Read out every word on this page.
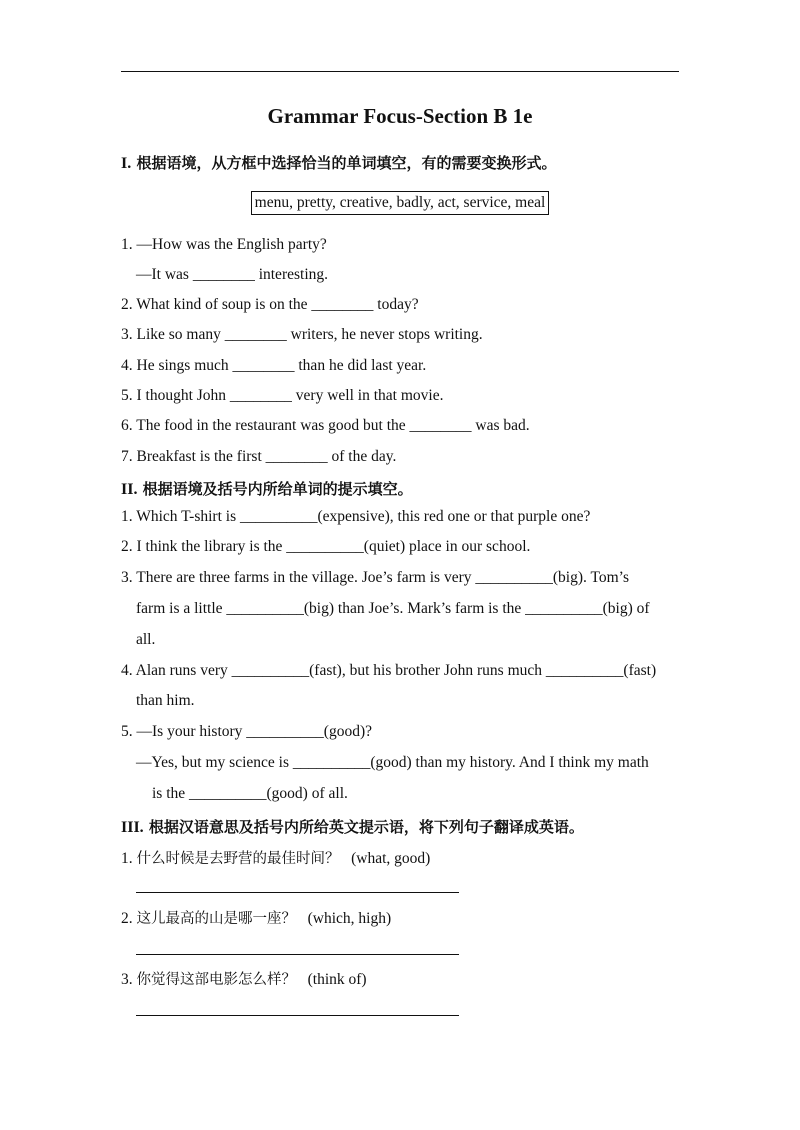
Grammar Focus-Section B 1e
I. 根据语境，从方框中选择恰当的单词填空，有的需要变换形式。
menu, pretty, creative, badly, act, service, meal
1. —How was the English party?
—It was ________ interesting.
2. What kind of soup is on the ________ today?
3. Like so many ________ writers, he never stops writing.
4. He sings much ________ than he did last year.
5. I thought John ________ very well in that movie.
6. The food in the restaurant was good but the ________ was bad.
7. Breakfast is the first ________ of the day.
II. 根据语境及括号内所给单词的提示填空。
1. Which T-shirt is __________(expensive), this red one or that purple one?
2. I think the library is the __________(quiet) place in our school.
3. There are three farms in the village. Joe’s farm is very __________(big). Tom’s
farm is a little __________(big) than Joe’s. Mark’s farm is the __________(big) of
all.
4. Alan runs very __________(fast), but his brother John runs much __________(fast)
than him.
5. —Is your history __________(good)?
—Yes, but my science is __________(good) than my history. And I think my math
is the __________(good) of all.
III. 根据汉语意思及括号内所给英文提示语，将下列句子翻译成英语。
1. 什么时候是去野营的最佳时间？   (what, good)
2. 这儿最高的山是哪一座？   (which, high)
3. 你觉得这部电影怎么样？   (think of)
